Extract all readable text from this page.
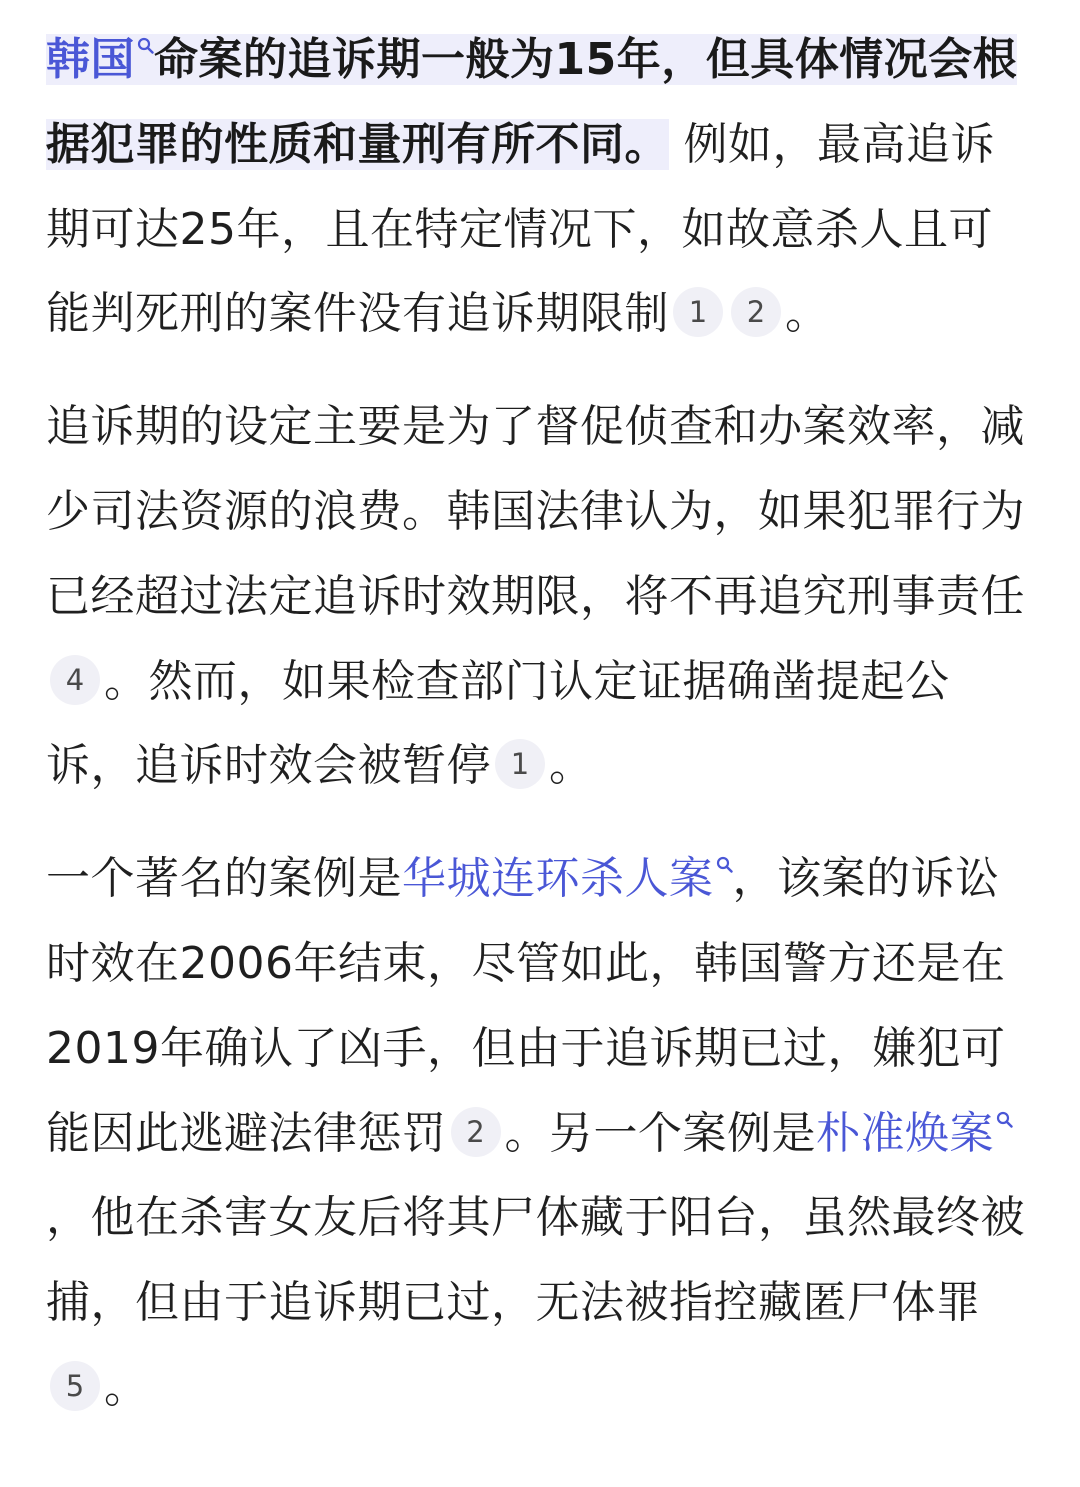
韩国 命案的追诉期一般为15年，但具体情况会根据犯罪的性质和量刑有所不同。 例如，最高追诉期可达25年，且在特定情况下，如故意杀人且可能判死刑的案件没有追诉期限制 1 2 。

追诉期的设定主要是为了督促侦查和办案效率，减少司法资源的浪费。韩国法律认为，如果犯罪行为已经超过法定追诉时效期限，将不再追究刑事责任4 。然而，如果检查部门认定证据确凿提起公诉，追诉时效会被暂停 1 。

一个著名的案例是华城连环杀人案 ，该案的诉讼时效在2006年结束，尽管如此，韩国警方还是在2019年确认了凶手，但由于追诉期已过，嫌犯可能因此逃避法律惩罚 2 。另一个案例是朴准焕案
，他在杀害女友后将其尸体藏于阳台，虽然最终被捕，但由于追诉期已过，无法被指控藏匿尸体罪5 。
